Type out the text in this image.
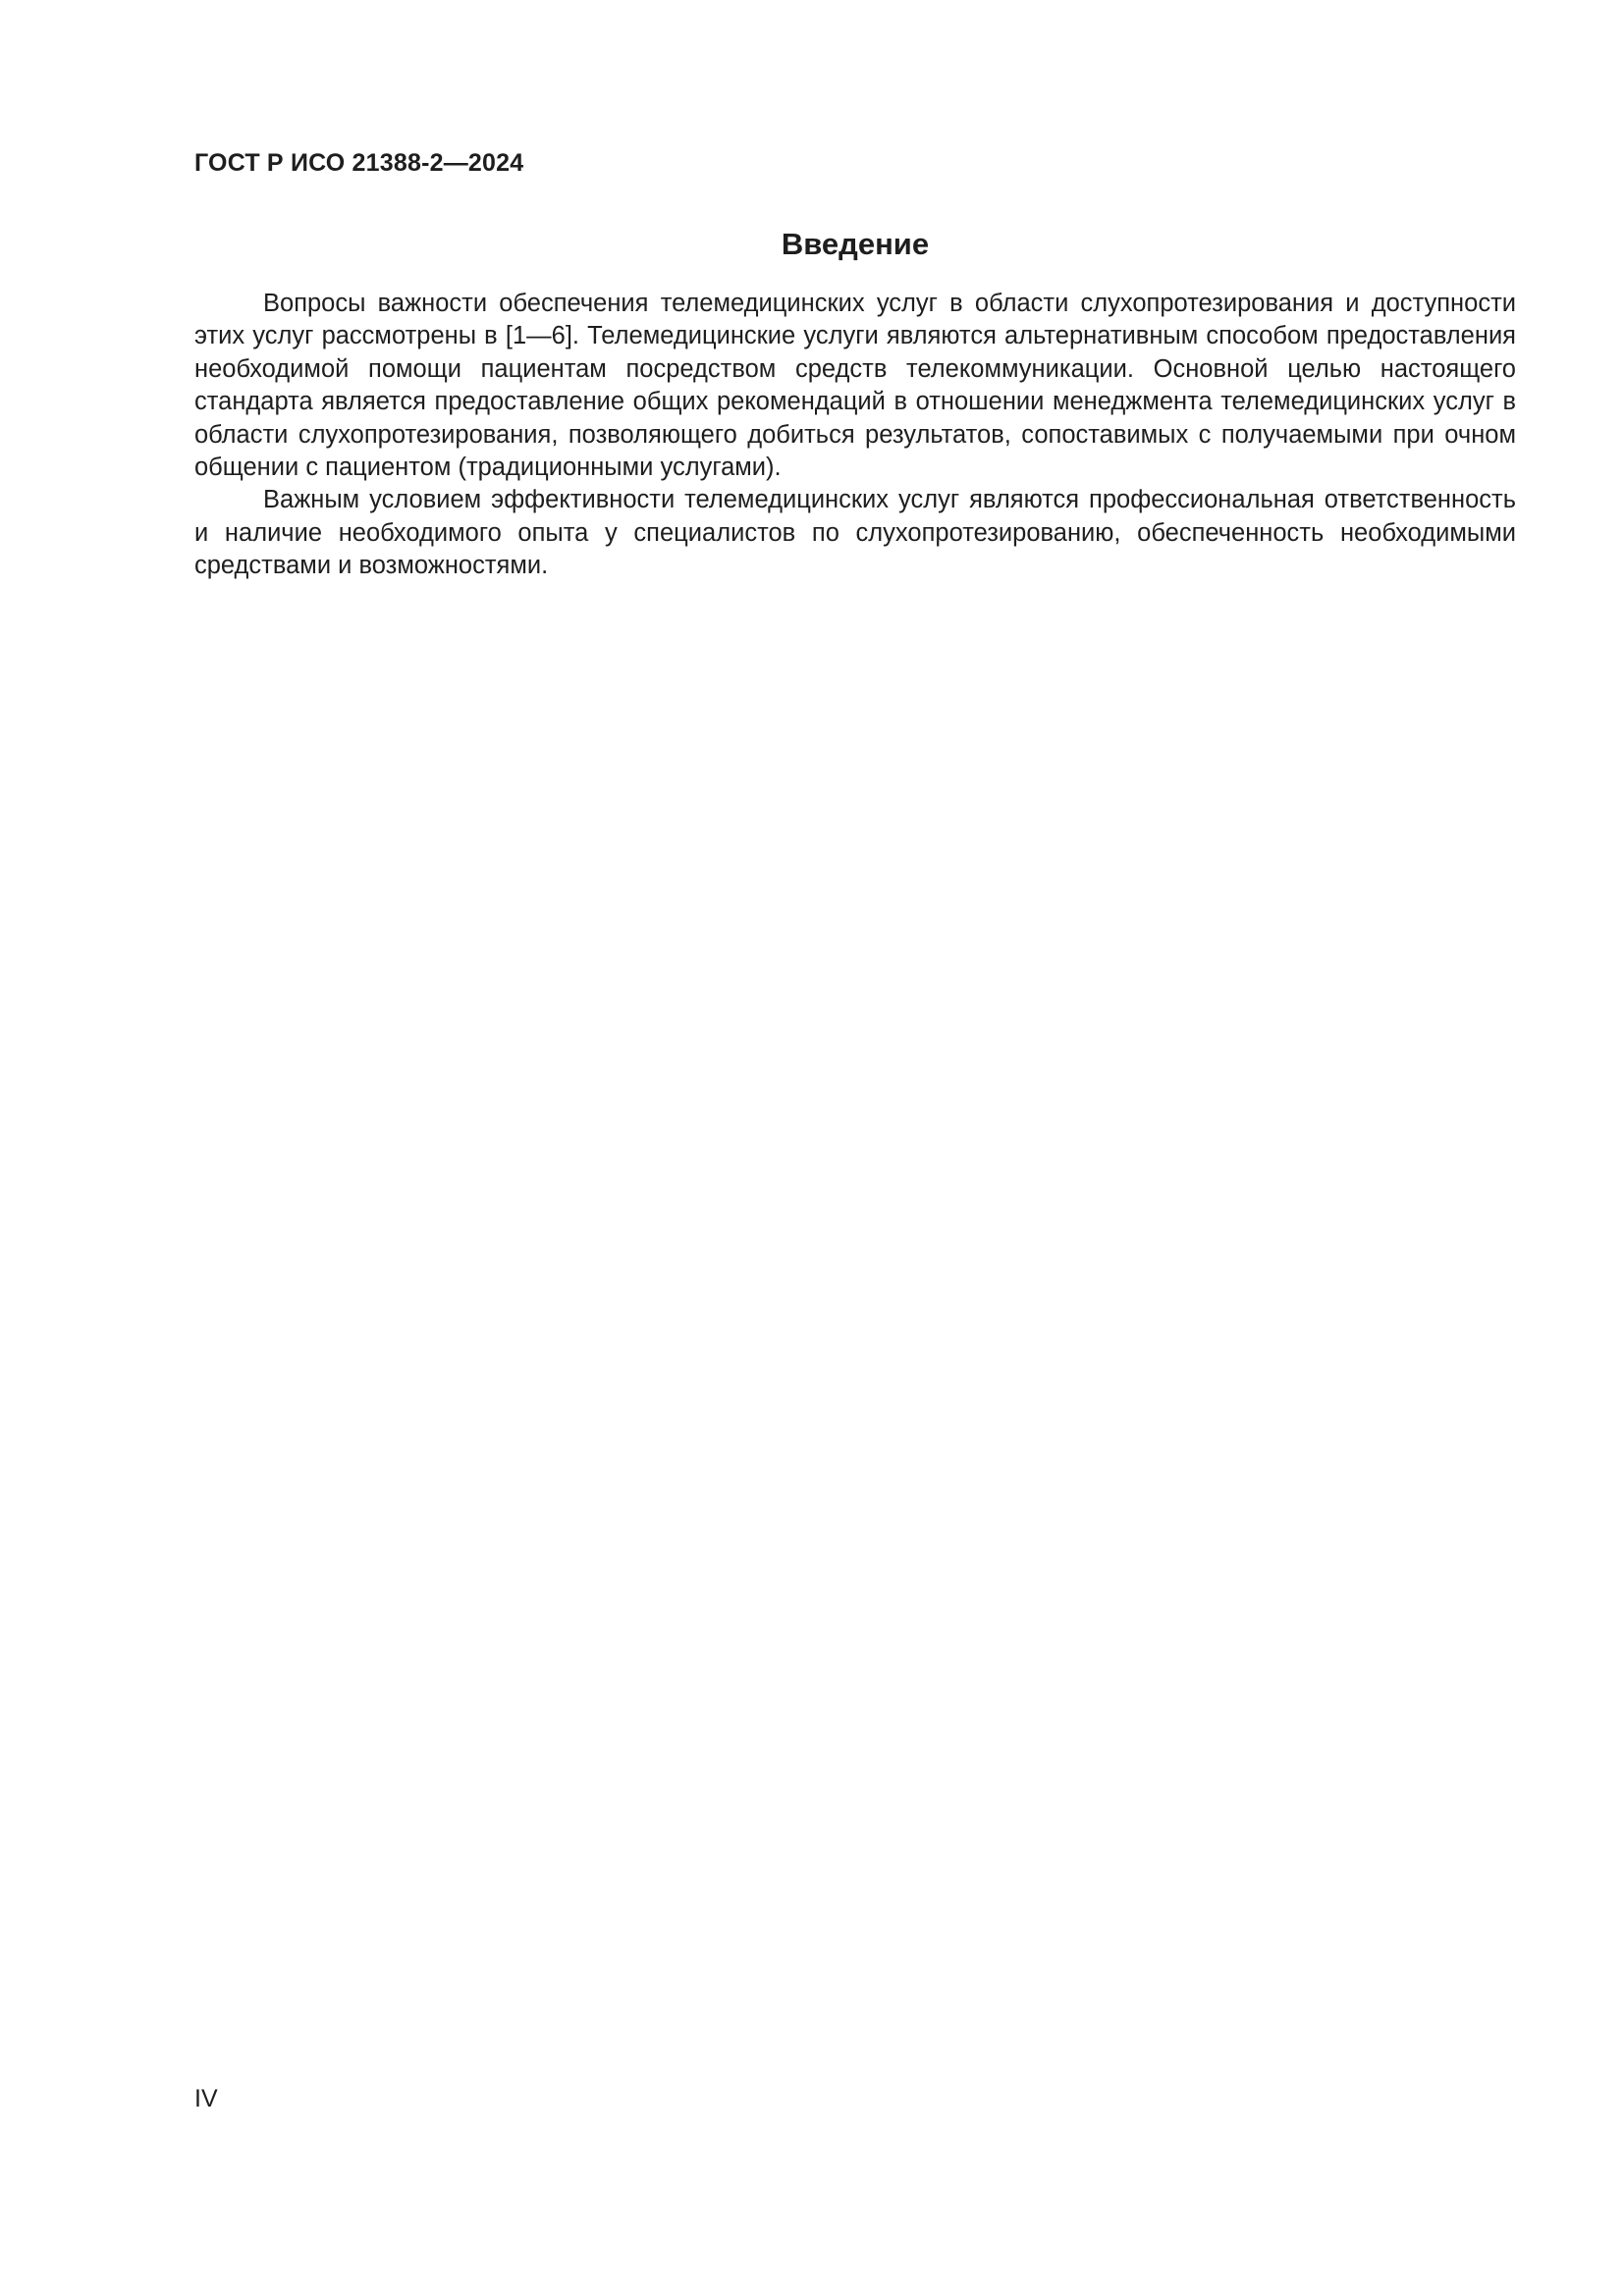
ГОСТ Р ИСО 21388-2—2024
Введение

Вопросы важности обеспечения телемедицинских услуг в области слухопротезирования и доступности этих услуг рассмотрены в [1—6]. Телемедицинские услуги являются альтернативным способом предоставления необходимой помощи пациентам посредством средств телекоммуникации. Основной целью настоящего стандарта является предоставление общих рекомендаций в отношении менеджмента телемедицинских услуг в области слухопротезирования, позволяющего добиться результатов, сопоставимых с получаемыми при очном общении с пациентом (традиционными услугами).

Важным условием эффективности телемедицинских услуг являются профессиональная ответственность и наличие необходимого опыта у специалистов по слухопротезированию, обеспеченность необходимыми средствами и возможностями.

IV
